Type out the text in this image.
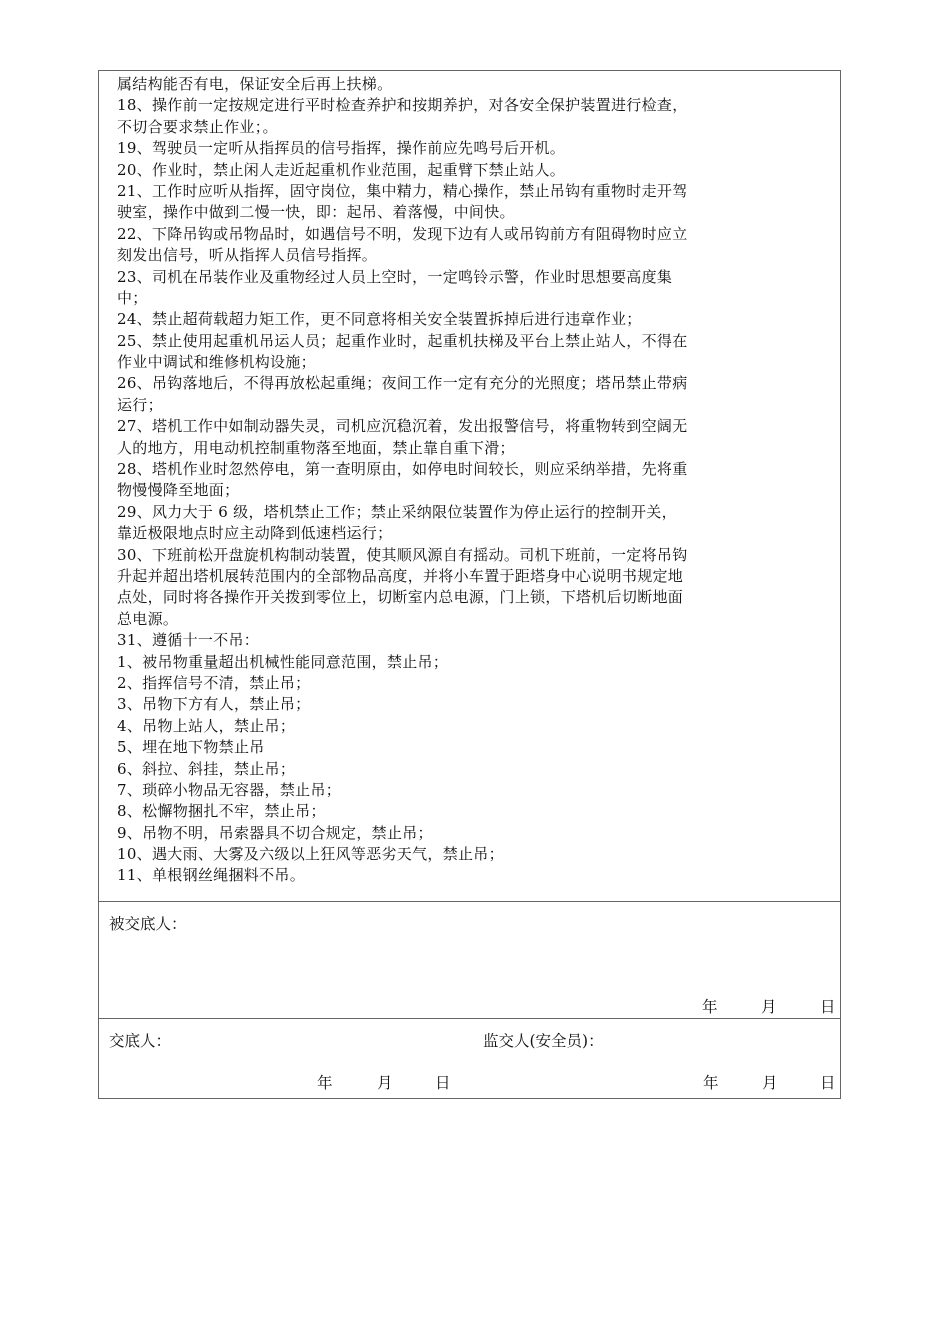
属结构能否有电，保证安全后再上扶梯。
18、操作前一定按规定进行平时检查养护和按期养护，对各安全保护装置进行检查，
不切合要求禁止作业；。
19、驾驶员一定听从指挥员的信号指挥，操作前应先鸣号后开机。
20、作业时，禁止闲人走近起重机作业范围，起重臂下禁止站人。
21、工作时应听从指挥，固守岗位，集中精力，精心操作，禁止吊钩有重物时走开驾
驶室，操作中做到二慢一快，即：起吊、着落慢，中间快。
22、下降吊钩或吊物品时，如遇信号不明，发现下边有人或吊钩前方有阻碍物时应立
刻发出信号，听从指挥人员信号指挥。
23、司机在吊装作业及重物经过人员上空时，一定鸣铃示警，作业时思想要高度集
中；
24、禁止超荷载超力矩工作，更不同意将相关安全装置拆掉后进行违章作业；
25、禁止使用起重机吊运人员；起重作业时，起重机扶梯及平台上禁止站人，不得在
作业中调试和维修机构设施；
26、吊钩落地后，不得再放松起重绳；夜间工作一定有充分的光照度；塔吊禁止带病
运行；
27、塔机工作中如制动器失灵，司机应沉稳沉着，发出报警信号，将重物转到空阔无
人的地方，用电动机控制重物落至地面，禁止靠自重下滑；
28、塔机作业时忽然停电，第一查明原由，如停电时间较长，则应采纳举措，先将重
物慢慢降至地面；
29、风力大于 6 级，塔机禁止工作；禁止采纳限位装置作为停止运行的控制开关，
靠近极限地点时应主动降到低速档运行；
30、下班前松开盘旋机构制动装置，使其顺风源自有摇动。司机下班前，一定将吊钩
升起并超出塔机展转范围内的全部物品高度，并将小车置于距塔身中心说明书规定地
点处，同时将各操作开关拨到零位上，切断室内总电源，门上锁，下塔机后切断地面
总电源。
31、遵循十一不吊：
1、被吊物重量超出机械性能同意范围，禁止吊；
2、指挥信号不清，禁止吊；
3、吊物下方有人，禁止吊；
4、吊物上站人，禁止吊；
5、埋在地下物禁止吊
6、斜拉、斜挂，禁止吊；
7、琐碎小物品无容器，禁止吊；
8、松懈物捆扎不牢，禁止吊；
9、吊物不明，吊索器具不切合规定，禁止吊；
10、遇大雨、大雾及六级以上狂风等恶劣天气，禁止吊；
11、单根钢丝绳捆料不吊。
被交底人：
年	月	日
交底人：
年	月	日
监交人(安全员)：
年	月	日
